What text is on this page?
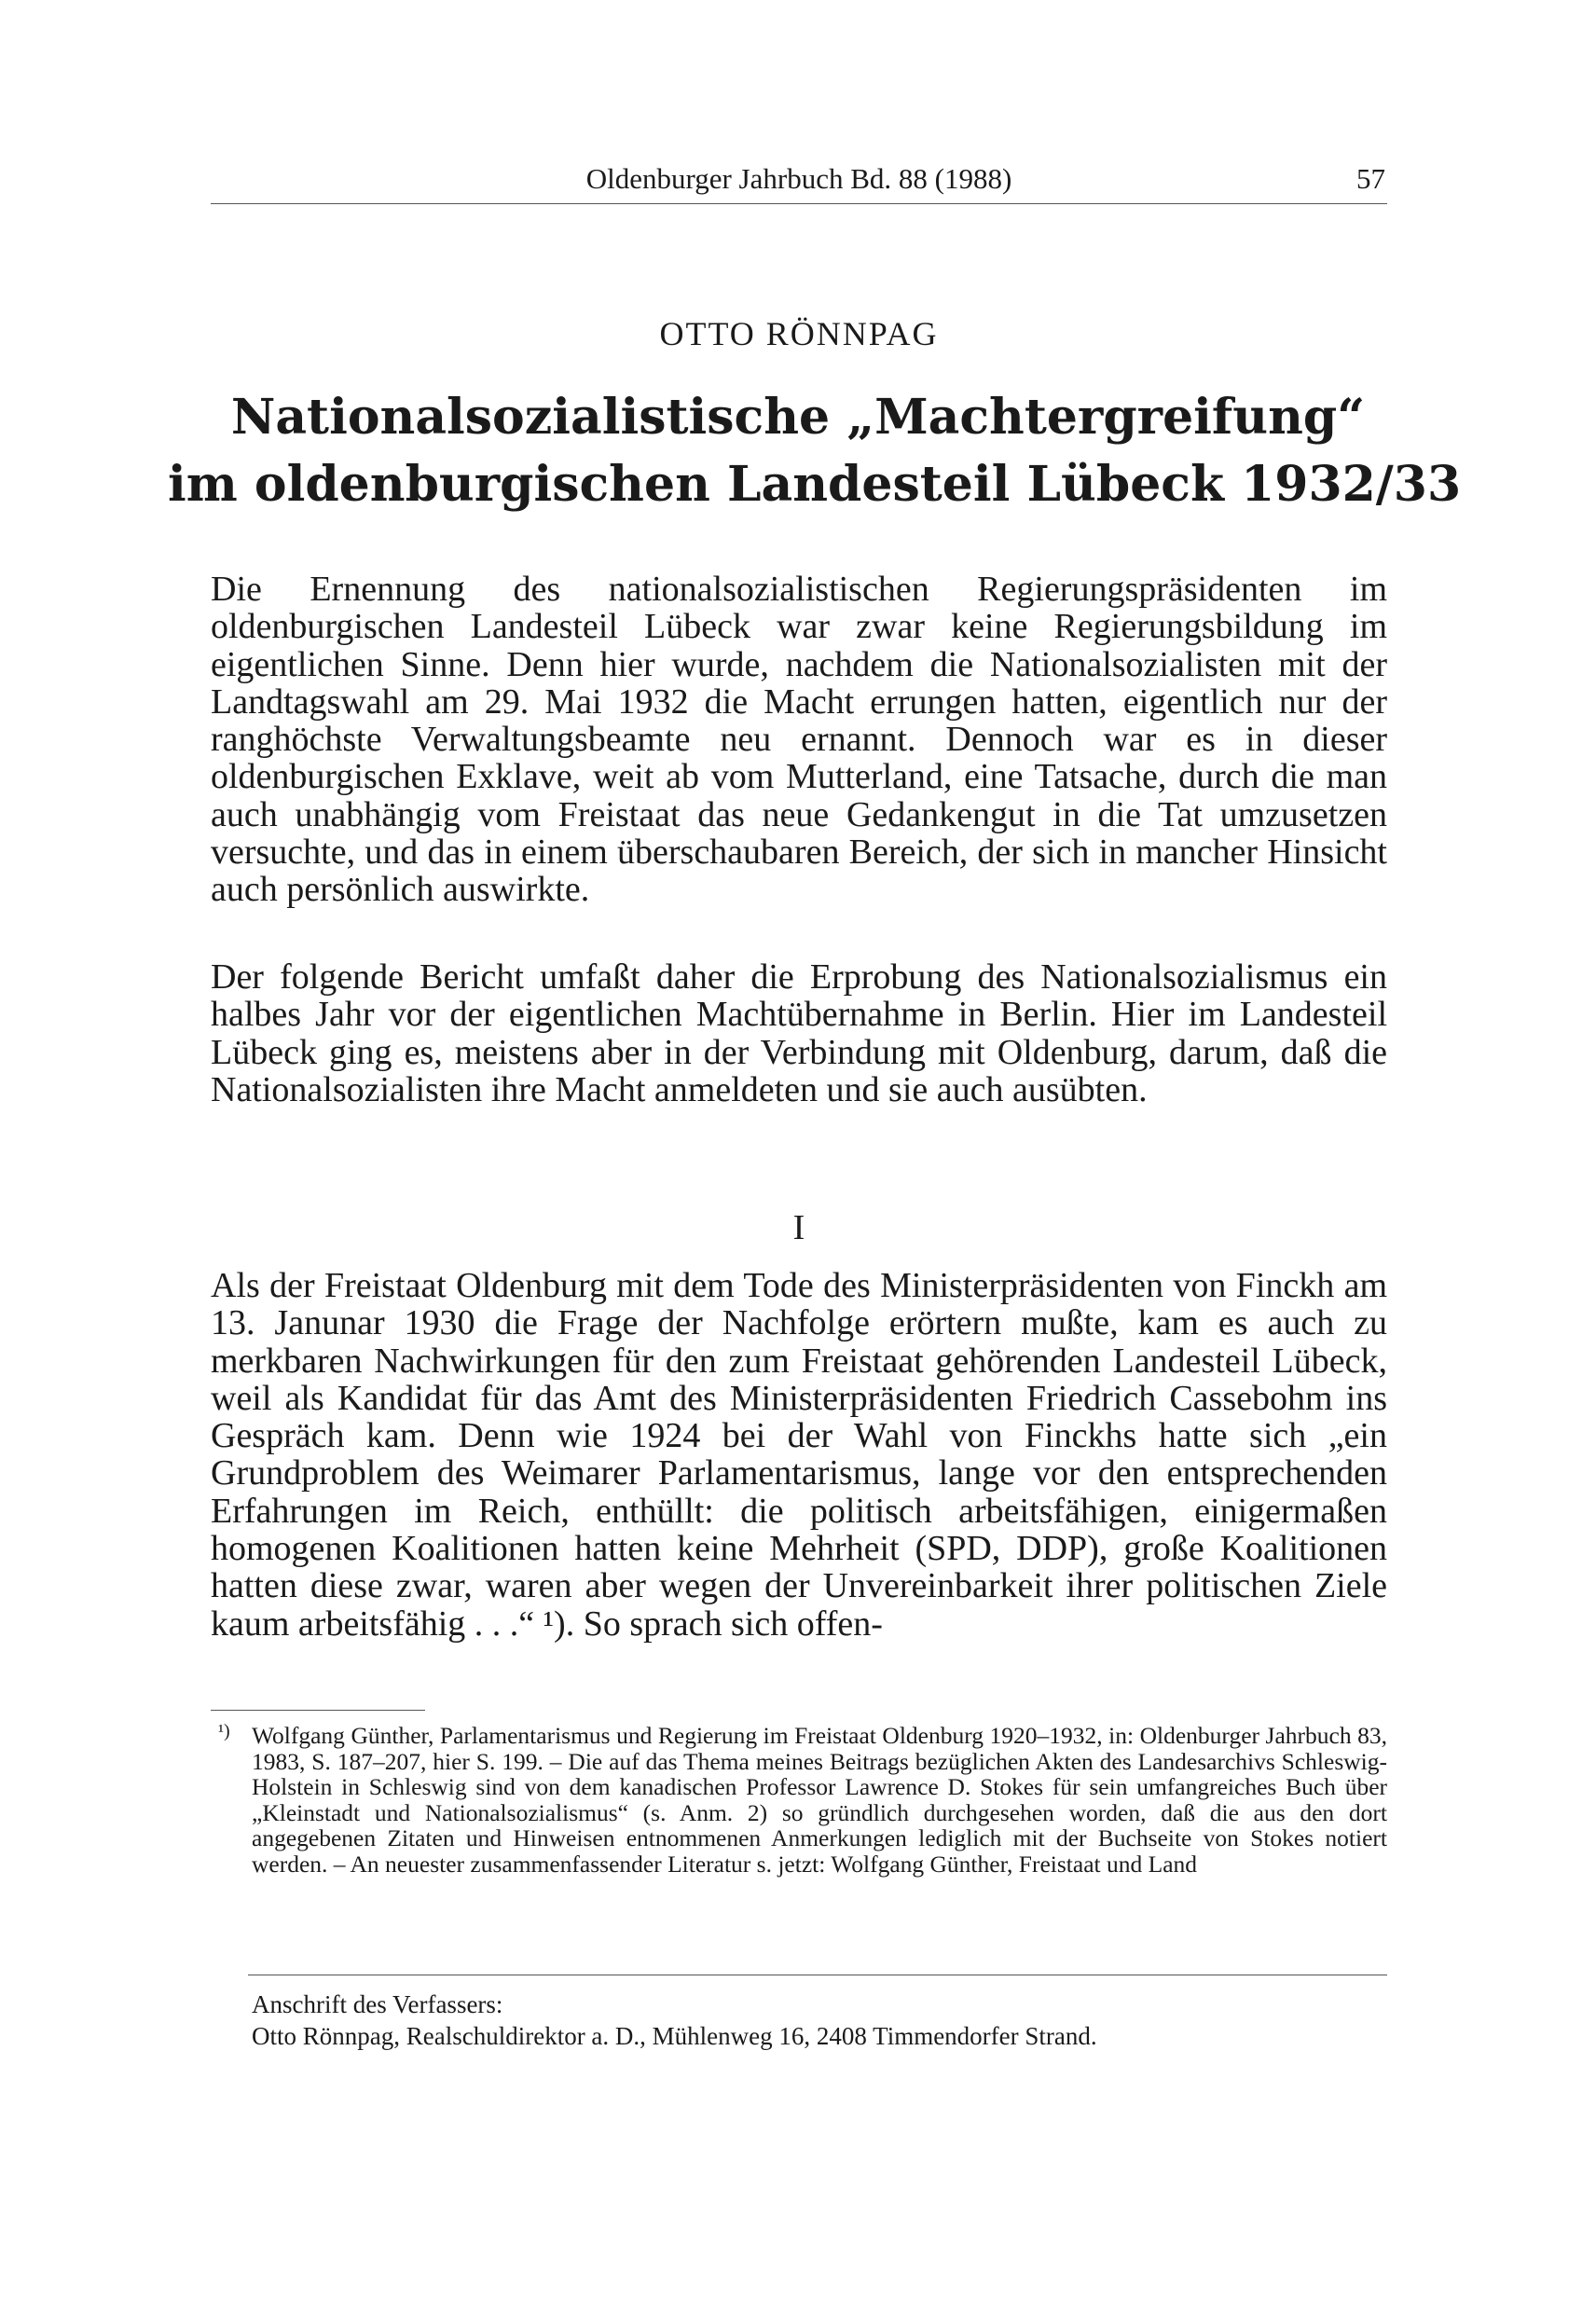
Oldenburger Jahrbuch Bd. 88 (1988)	57
OTTO RÖNNPAG
Nationalsozialistische „Machtergreifung“
im oldenburgischen Landesteil Lübeck 1932/33

Die Ernennung des nationalsozialistischen Regierungspräsidenten im oldenburgischen Landesteil Lübeck war zwar keine Regierungsbildung im eigentlichen Sinne. Denn hier wurde, nachdem die Nationalsozialisten mit der Landtagswahl am 29. Mai 1932 die Macht errungen hatten, eigentlich nur der ranghöchste Verwaltungsbeamte neu ernannt. Dennoch war es in dieser oldenburgischen Exklave, weit ab vom Mutterland, eine Tatsache, durch die man auch unabhängig vom Freistaat das neue Gedankengut in die Tat umzusetzen versuchte, und das in einem überschaubaren Bereich, der sich in mancher Hinsicht auch persönlich auswirkte.

Der folgende Bericht umfaßt daher die Erprobung des Nationalsozialismus ein halbes Jahr vor der eigentlichen Machtübernahme in Berlin. Hier im Landesteil Lübeck ging es, meistens aber in der Verbindung mit Oldenburg, darum, daß die Nationalsozialisten ihre Macht anmeldeten und sie auch ausübten.

I

Als der Freistaat Oldenburg mit dem Tode des Ministerpräsidenten von Finckh am 13. Janunar 1930 die Frage der Nachfolge erörtern mußte, kam es auch zu merkbaren Nachwirkungen für den zum Freistaat gehörenden Landesteil Lübeck, weil als Kandidat für das Amt des Ministerpräsidenten Friedrich Cassebohm ins Gespräch kam. Denn wie 1924 bei der Wahl von Finckhs hatte sich „ein Grundproblem des Weimarer Parlamentarismus, lange vor den entsprechenden Erfahrungen im Reich, enthüllt: die politisch arbeitsfähigen, einigermaßen homogenen Koalitionen hatten keine Mehrheit (SPD, DDP), große Koalitionen hatten diese zwar, waren aber wegen der Unvereinbarkeit ihrer politischen Ziele kaum arbeitsfähig . . .“ ¹). So sprach sich offen-

¹) Wolfgang Günther, Parlamentarismus und Regierung im Freistaat Oldenburg 1920–1932, in: Oldenburger Jahrbuch 83, 1983, S. 187–207, hier S. 199. – Die auf das Thema meines Beitrags bezüglichen Akten des Landesarchivs Schleswig-Holstein in Schleswig sind von dem kanadischen Professor Lawrence D. Stokes für sein umfangreiches Buch über „Kleinstadt und Nationalsozialismus“ (s. Anm. 2) so gründlich durchgesehen worden, daß die aus den dort angegebenen Zitaten und Hinweisen entnommenen Anmerkungen lediglich mit der Buchseite von Stokes notiert werden. – An neuester zusammenfassender Literatur s. jetzt: Wolfgang Günther, Freistaat und Land
Anschrift des Verfassers:
Otto Rönnpag, Realschuldirektor a. D., Mühlenweg 16, 2408 Timmendorfer Strand.
